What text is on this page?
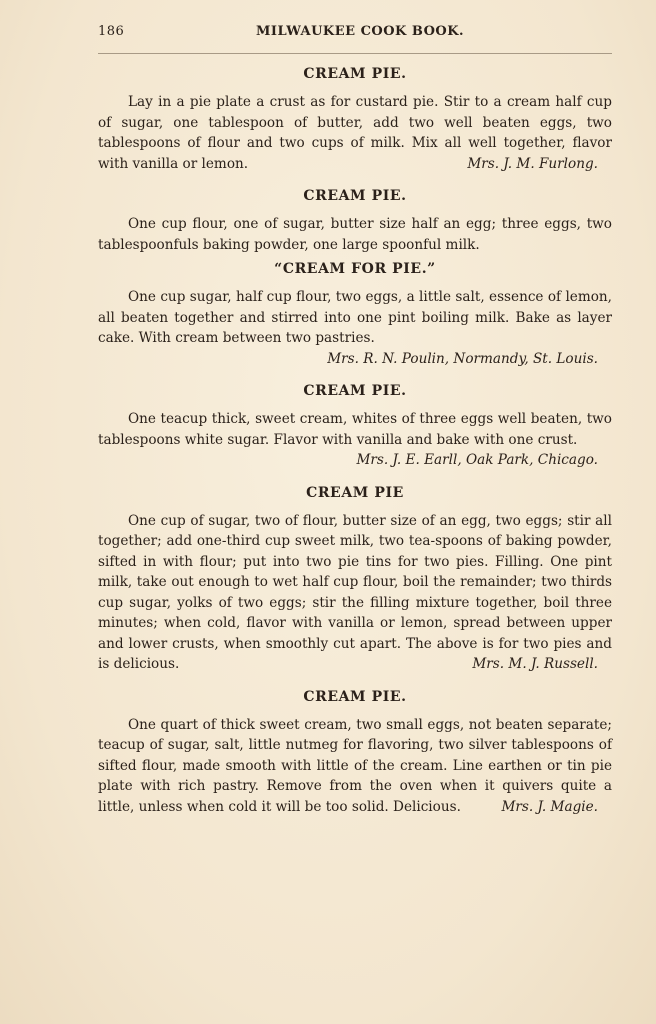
186	MILWAUKEE COOK BOOK.
CREAM PIE.

Lay in a pie plate a crust as for custard pie. Stir to a cream half cup of sugar, one tablespoon of butter, add two well beaten eggs, two tablespoons of flour and two cups of milk. Mix all well together, flavor with vanilla or lemon.	Mrs. J. M. Furlong.

CREAM PIE.

One cup flour, one of sugar, butter size half an egg; three eggs, two tablespoonfuls baking powder, one large spoonful milk.

“CREAM FOR PIE.”

One cup sugar, half cup flour, two eggs, a little salt, essence of lemon, all beaten together and stirred into one pint boiling milk. Bake as layer cake. With cream between two pastries.

Mrs. R. N. Poulin, Normandy, St. Louis.

CREAM PIE.

One teacup thick, sweet cream, whites of three eggs well beaten, two tablespoons white sugar. Flavor with vanilla and bake with one crust.
Mrs. J. E. Earll, Oak Park, Chicago.

CREAM PIE

One cup of sugar, two of flour, butter size of an egg, two eggs; stir all together; add one-third cup sweet milk, two tea-spoons of baking powder, sifted in with flour; put into two pie tins for two pies. Filling. One pint milk, take out enough to wet half cup flour, boil the remainder; two thirds cup sugar, yolks of two eggs; stir the filling mixture together, boil three minutes; when cold, flavor with vanilla or lemon, spread between upper and lower crusts, when smoothly cut apart. The above is for two pies and is delicious.	Mrs. M. J. Russell.

CREAM PIE.

One quart of thick sweet cream, two small eggs, not beaten separate; teacup of sugar, salt, little nutmeg for flavoring, two silver tablespoons of sifted flour, made smooth with little of the cream. Line earthen or tin pie plate with rich pastry. Remove from the oven when it quivers quite a little, unless when cold it will be too solid. Delicious.	Mrs. J. Magie.
